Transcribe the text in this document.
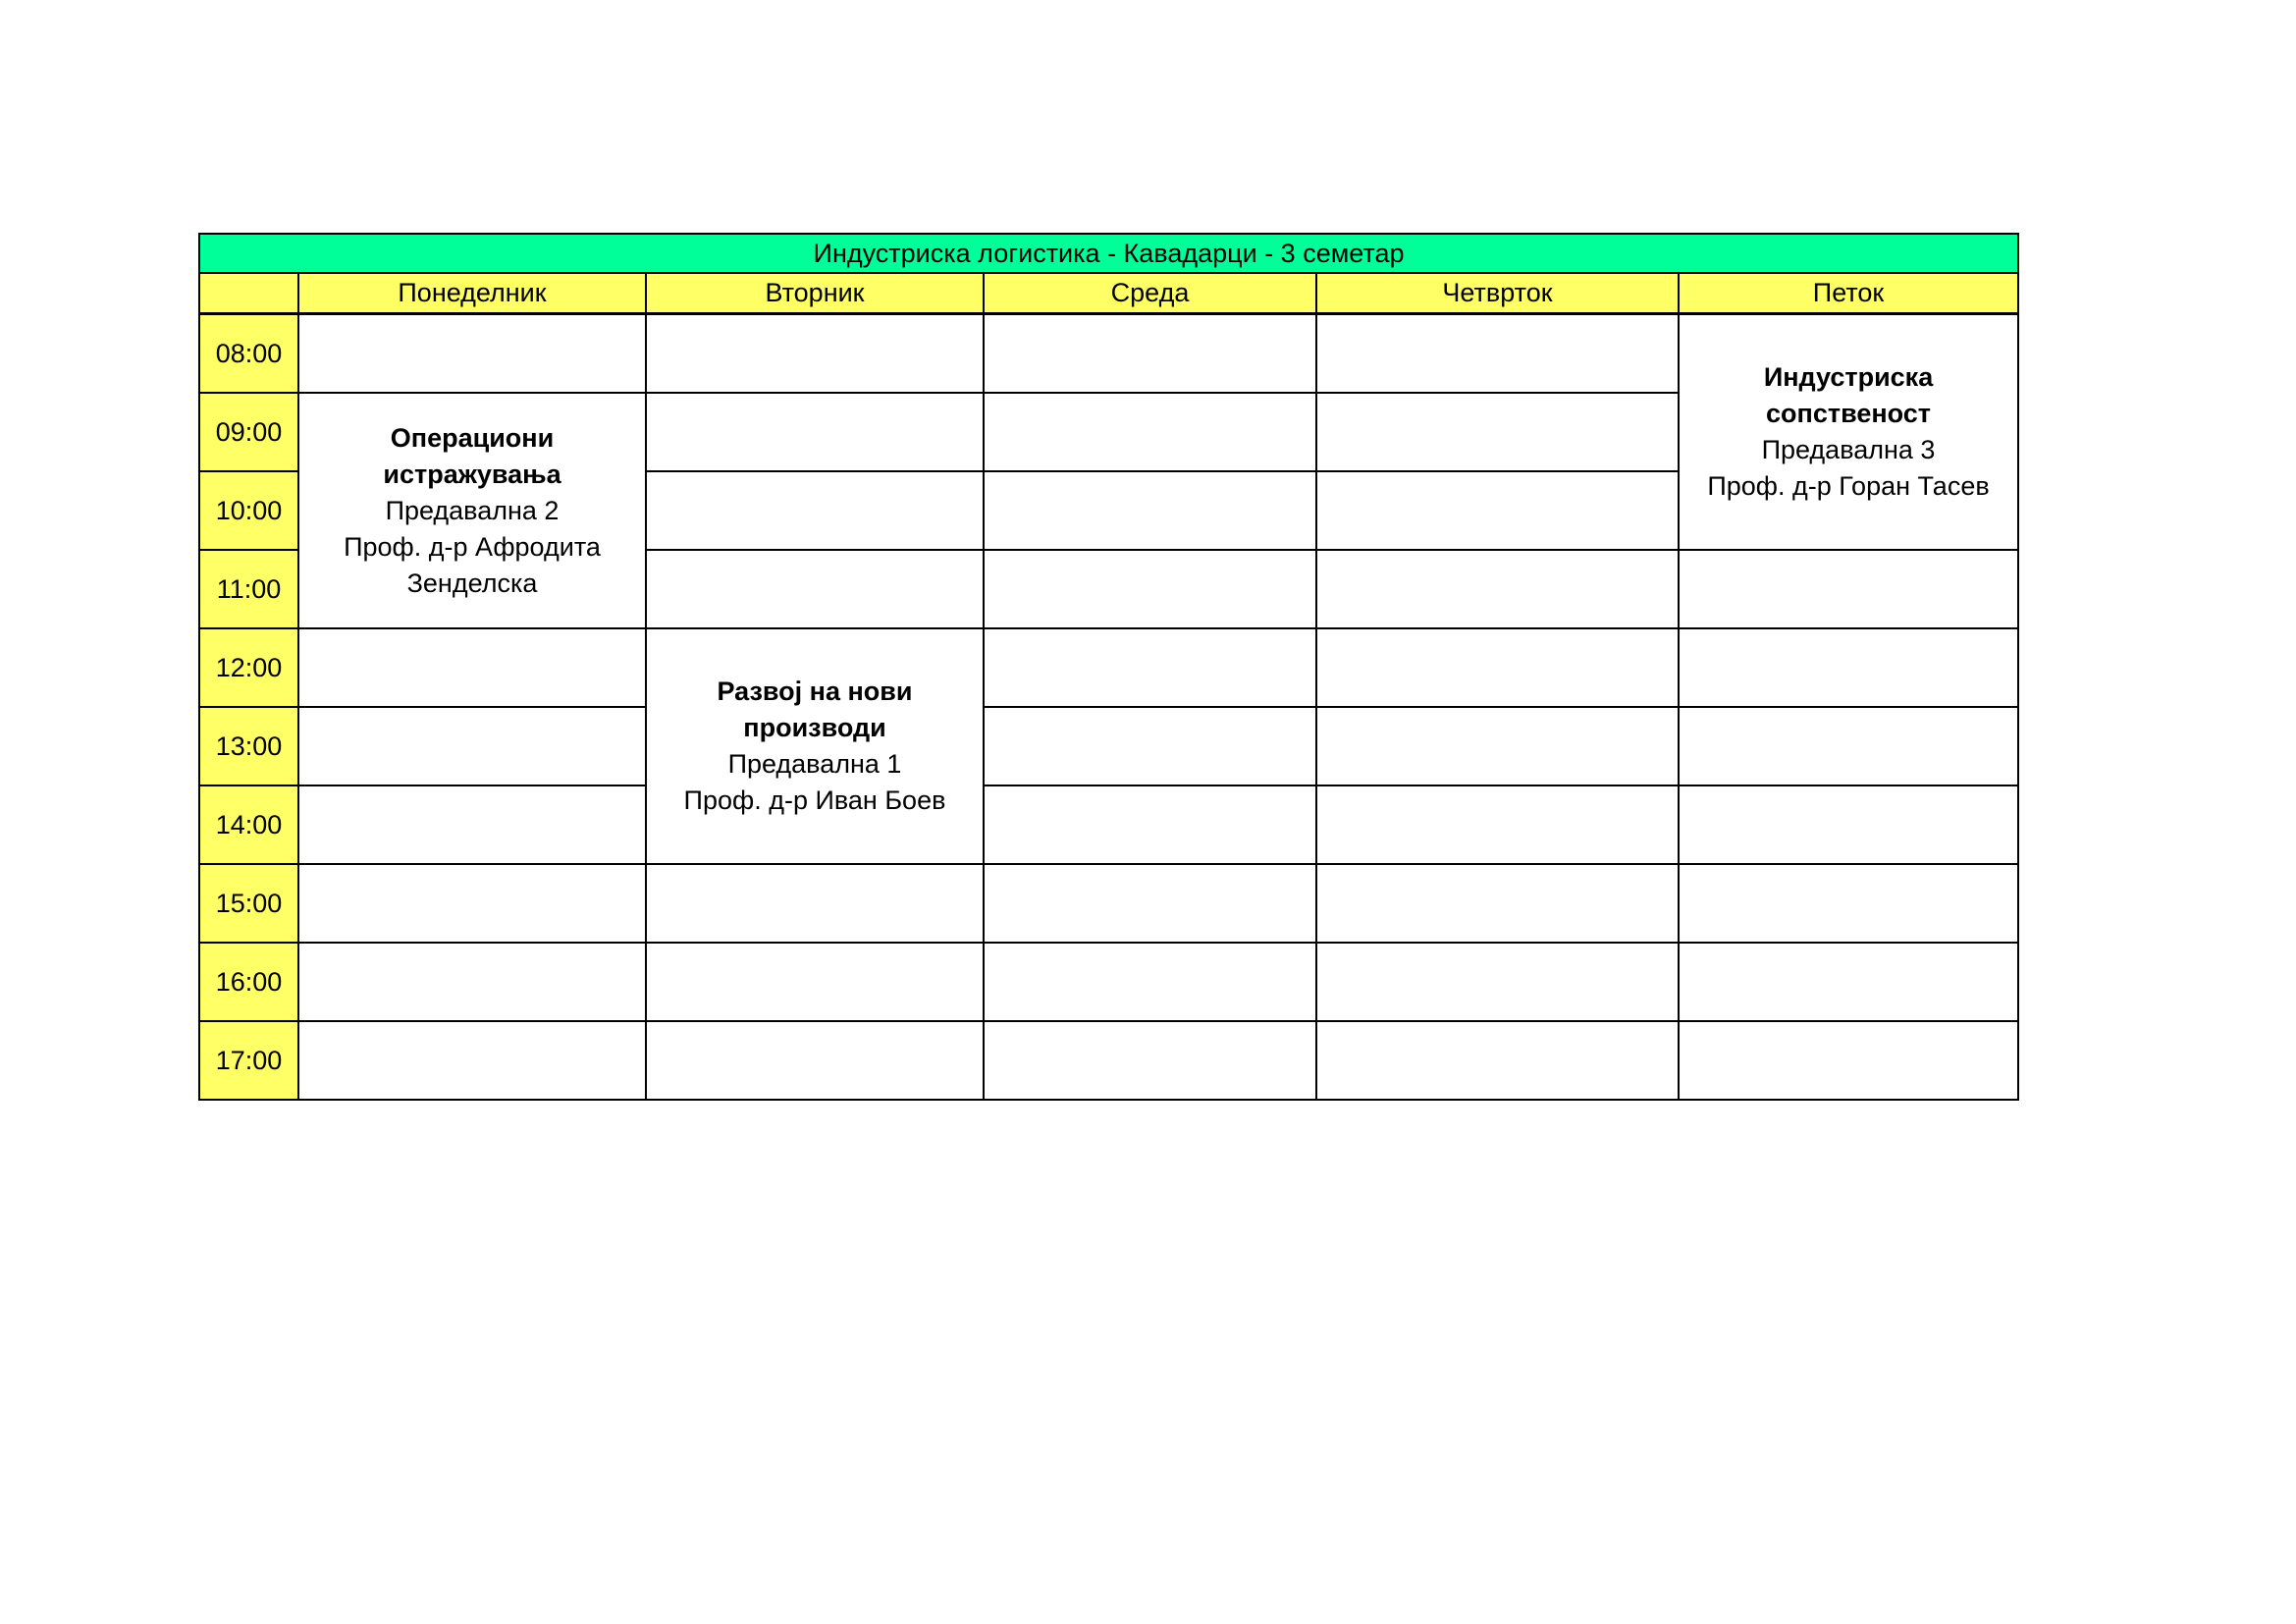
Индустриска логистика - Кавадарци - 3 семетар					
	Понеделник	Вторник	Среда	Четврток	Петок
08:00					Индустриска сопственост
Предавална 3
Проф. д-р Горан Тасев

09:00	Операциони истражувања
Предавална 2
Проф. д-р Афродита Зенделска				

10:00					
11:00					
12:00		Развој на нови производи
Предавална 1
Проф. д-р Иван Боев			

13:00					
14:00					
15:00					
16:00					
17:00					
